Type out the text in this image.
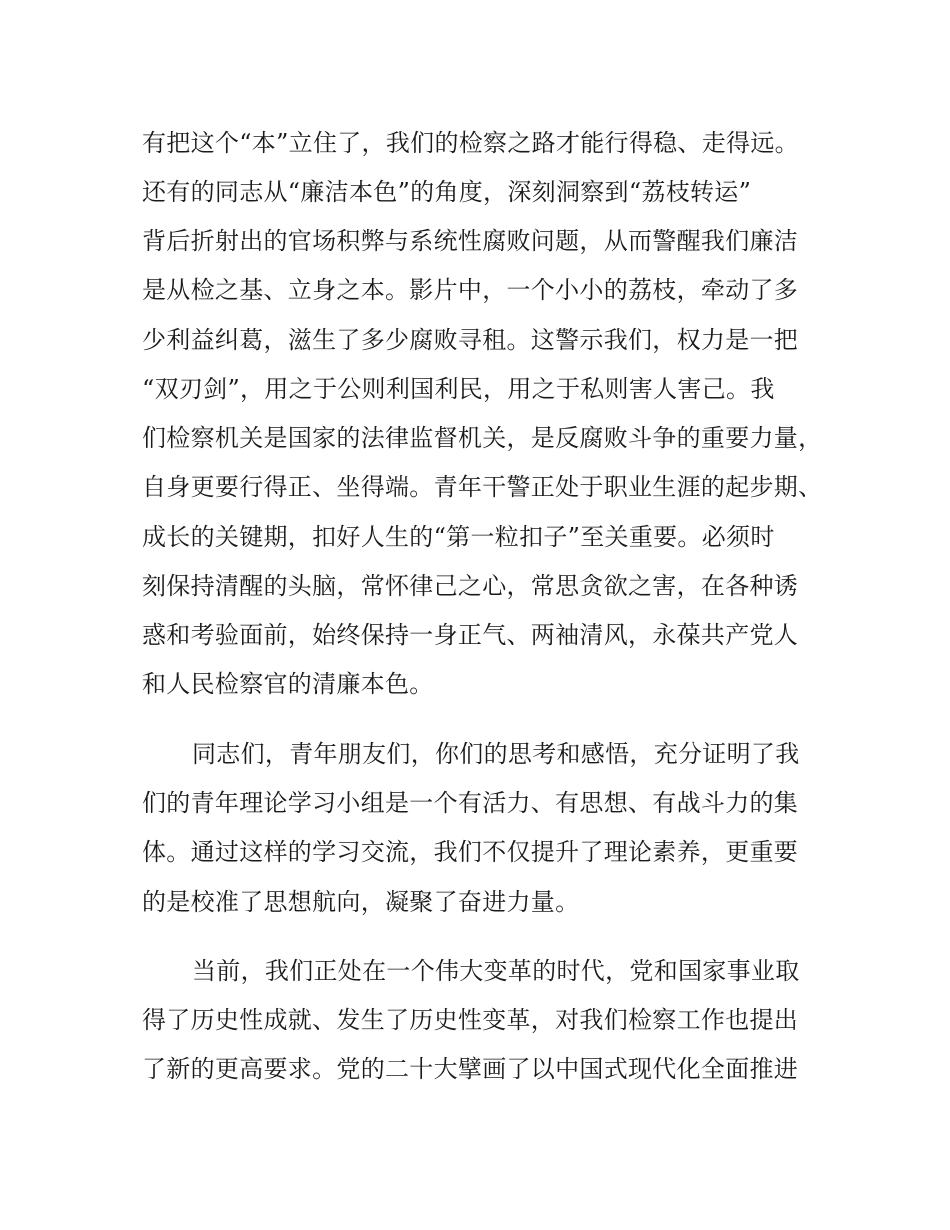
有把这个“本”立住了，我们的检察之路才能行得稳、走得远。
还有的同志从“廉洁本色”的角度，深刻洞察到“荔枝转运”
背后折射出的官场积弊与系统性腐败问题，从而警醒我们廉洁
是从检之基、立身之本。影片中，一个小小的荔枝，牵动了多
少利益纠葛，滋生了多少腐败寻租。这警示我们，权力是一把
“双刃剑”，用之于公则利国利民，用之于私则害人害己。我
们检察机关是国家的法律监督机关，是反腐败斗争的重要力量，
自身更要行得正、坐得端。青年干警正处于职业生涯的起步期、
成长的关键期，扣好人生的“第一粒扣子”至关重要。必须时
刻保持清醒的头脑，常怀律己之心，常思贪欲之害，在各种诱
惑和考验面前，始终保持一身正气、两袖清风，永葆共产党人
和人民检察官的清廉本色。
同志们，青年朋友们，你们的思考和感悟，充分证明了我
们的青年理论学习小组是一个有活力、有思想、有战斗力的集
体。通过这样的学习交流，我们不仅提升了理论素养，更重要
的是校准了思想航向，凝聚了奋进力量。
当前，我们正处在一个伟大变革的时代，党和国家事业取
得了历史性成就、发生了历史性变革，对我们检察工作也提出
了新的更高要求。党的二十大擘画了以中国式现代化全面推进
